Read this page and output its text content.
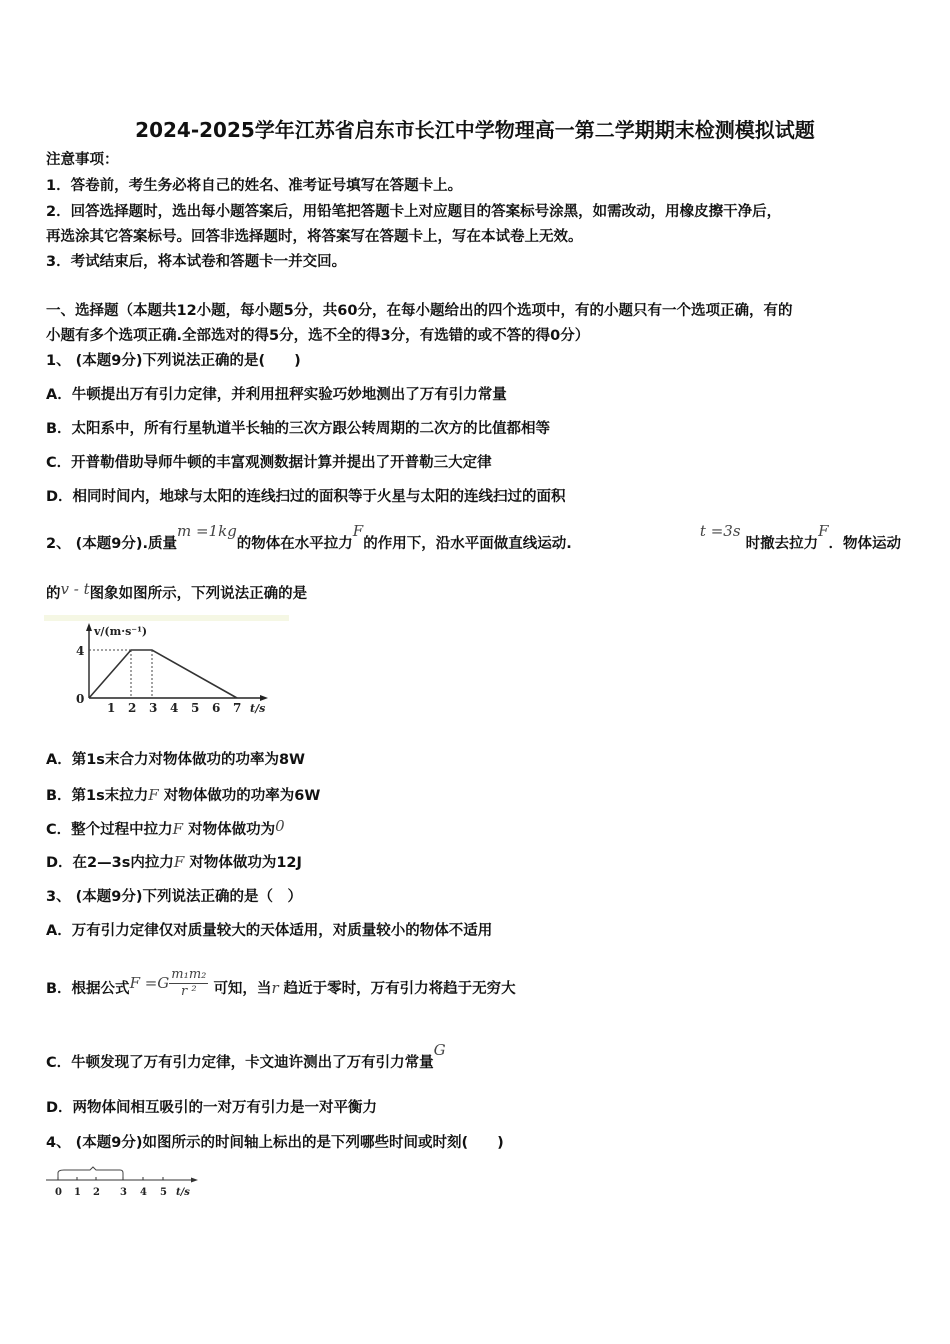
2024-2025学年江苏省启东市长江中学物理高一第二学期期末检测模拟试题
注意事项：
1．答卷前，考生务必将自己的姓名、准考证号填写在答题卡上。
2．回答选择题时，选出每小题答案后，用铅笔把答题卡上对应题目的答案标号涂黑，如需改动，用橡皮擦干净后，
再选涂其它答案标号。回答非选择题时，将答案写在答题卡上，写在本试卷上无效。
3．考试结束后，将本试卷和答题卡一并交回。
一、选择题（本题共12小题，每小题5分，共60分，在每小题给出的四个选项中，有的小题只有一个选项正确，有的
小题有多个选项正确.全部选对的得5分，选不全的得3分，有选错的或不答的得0分）
1、 (本题9分)下列说法正确的是(　　)
A．牛顿提出万有引力定律，并利用扭秤实验巧妙地测出了万有引力常量
B．太阳系中，所有行星轨道半长轴的三次方跟公转周期的二次方的比值都相等
C．开普勒借助导师牛顿的丰富观测数据计算并提出了开普勒三大定律
D．相同时间内，地球与太阳的连线扫过的面积等于火星与太阳的连线扫过的面积
2、 (本题9分).质量m =1kg的物体在水平拉力F的作用下，沿水平面做直线运动.
t =3s 时撤去拉力F．物体运动
的v - t图象如图所示，下列说法正确的是
v/(m·s⁻¹)
4
0
1 2 3 4 5 6 7 t/s
A．第1s末合力对物体做功的功率为8W
B．第1s末拉力F 对物体做功的功率为6W
C．整个过程中拉力F 对物体做功为0
D．在2—3s内拉力F 对物体做功为12J
3、 (本题9分)下列说法正确的是（　）
A．万有引力定律仅对质量较大的天体适用，对质量较小的物体不适用
B．根据公式$F =G \frac{\text{m₁m₂}}{\text{r ²}}$ 可知，当r 趋近于零时，万有引力将趋于无穷大
C．牛顿发现了万有引力定律，卡文迪许测出了万有引力常量G
D．两物体间相互吸引的一对万有引力是一对平衡力
4、 (本题9分)如图所示的时间轴上标出的是下列哪些时间或时刻(　　)
0 1 2 3 4 5 t/s
